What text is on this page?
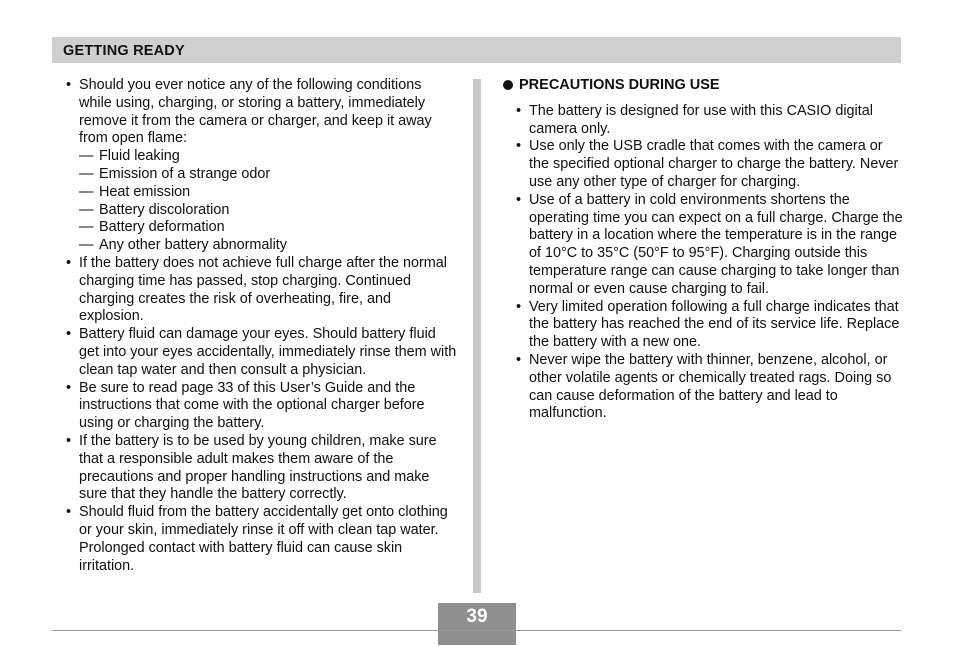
GETTING READY
• Should you ever notice any of the following conditions while using, charging, or storing a battery, immediately remove it from the camera or charger, and keep it away from open flame:
— Fluid leaking
— Emission of a strange odor
— Heat emission
— Battery discoloration
— Battery deformation
— Any other battery abnormality
• If the battery does not achieve full charge after the normal charging time has passed, stop charging. Continued charging creates the risk of overheating, fire, and explosion.
• Battery fluid can damage your eyes. Should battery fluid get into your eyes accidentally, immediately rinse them with clean tap water and then consult a physician.
• Be sure to read page 33 of this User’s Guide and the instructions that come with the optional charger before using or charging the battery.
• If the battery is to be used by young children, make sure that a responsible adult makes them aware of the precautions and proper handling instructions and make sure that they handle the battery correctly.
• Should fluid from the battery accidentally get onto clothing or your skin, immediately rinse it off with clean tap water. Prolonged contact with battery fluid can cause skin irritation.
PRECAUTIONS DURING USE
• The battery is designed for use with this CASIO digital camera only.
• Use only the USB cradle that comes with the camera or the specified optional charger to charge the battery. Never use any other type of charger for charging.
• Use of a battery in cold environments shortens the operating time you can expect on a full charge. Charge the battery in a location where the temperature is in the range of 10°C to 35°C (50°F to 95°F). Charging outside this temperature range can cause charging to take longer than normal or even cause charging to fail.
• Very limited operation following a full charge indicates that the battery has reached the end of its service life. Replace the battery with a new one.
• Never wipe the battery with thinner, benzene, alcohol, or other volatile agents or chemically treated rags. Doing so can cause deformation of the battery and lead to malfunction.
39
